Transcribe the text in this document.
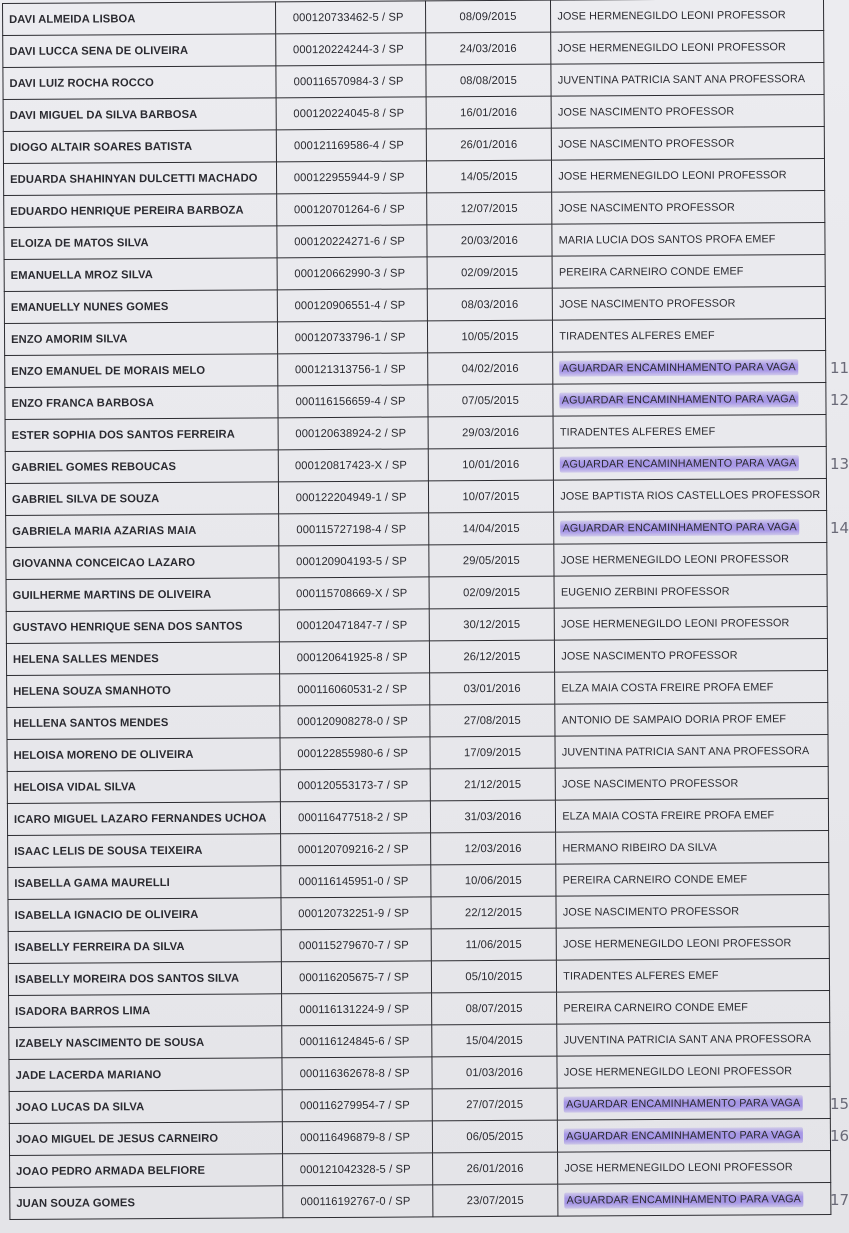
DAVI ALMEIDA LISBOA	000120733462-5 / SP	08/09/2015	JOSE HERMENEGILDO LEONI PROFESSOR
DAVI LUCCA SENA DE OLIVEIRA	000120224244-3 / SP	24/03/2016	JOSE HERMENEGILDO LEONI PROFESSOR
DAVI LUIZ ROCHA ROCCO	000116570984-3 / SP	08/08/2015	JUVENTINA PATRICIA SANT ANA PROFESSORA
DAVI MIGUEL DA SILVA BARBOSA	000120224045-8 / SP	16/01/2016	JOSE NASCIMENTO PROFESSOR
DIOGO ALTAIR SOARES BATISTA	000121169586-4 / SP	26/01/2016	JOSE NASCIMENTO PROFESSOR
EDUARDA SHAHINYAN DULCETTI MACHADO	000122955944-9 / SP	14/05/2015	JOSE HERMENEGILDO LEONI PROFESSOR
EDUARDO HENRIQUE PEREIRA BARBOZA	000120701264-6 / SP	12/07/2015	JOSE NASCIMENTO PROFESSOR
ELOIZA DE MATOS SILVA	000120224271-6 / SP	20/03/2016	MARIA LUCIA DOS SANTOS PROFA EMEF
EMANUELLA MROZ SILVA	000120662990-3 / SP	02/09/2015	PEREIRA CARNEIRO CONDE EMEF
EMANUELLY NUNES GOMES	000120906551-4 / SP	08/03/2016	JOSE NASCIMENTO PROFESSOR
ENZO AMORIM SILVA	000120733796-1 / SP	10/05/2015	TIRADENTES ALFERES EMEF
ENZO EMANUEL DE MORAIS MELO	000121313756-1 / SP	04/02/2016	AGUARDAR ENCAMINHAMENTO PARA VAGA
ENZO FRANCA BARBOSA	000116156659-4 / SP	07/05/2015	AGUARDAR ENCAMINHAMENTO PARA VAGA
ESTER SOPHIA DOS SANTOS FERREIRA	000120638924-2 / SP	29/03/2016	TIRADENTES ALFERES EMEF
GABRIEL GOMES REBOUCAS	000120817423-X / SP	10/01/2016	AGUARDAR ENCAMINHAMENTO PARA VAGA
GABRIEL SILVA DE SOUZA	000122204949-1 / SP	10/07/2015	JOSE BAPTISTA RIOS CASTELLOES PROFESSOR
GABRIELA MARIA AZARIAS MAIA	000115727198-4 / SP	14/04/2015	AGUARDAR ENCAMINHAMENTO PARA VAGA
GIOVANNA CONCEICAO LAZARO	000120904193-5 / SP	29/05/2015	JOSE HERMENEGILDO LEONI PROFESSOR
GUILHERME MARTINS DE OLIVEIRA	000115708669-X / SP	02/09/2015	EUGENIO ZERBINI PROFESSOR
GUSTAVO HENRIQUE SENA DOS SANTOS	000120471847-7 / SP	30/12/2015	JOSE HERMENEGILDO LEONI PROFESSOR
HELENA SALLES MENDES	000120641925-8 / SP	26/12/2015	JOSE NASCIMENTO PROFESSOR
HELENA SOUZA SMANHOTO	000116060531-2 / SP	03/01/2016	ELZA MAIA COSTA FREIRE PROFA EMEF
HELLENA SANTOS MENDES	000120908278-0 / SP	27/08/2015	ANTONIO DE SAMPAIO DORIA PROF EMEF
HELOISA MORENO DE OLIVEIRA	000122855980-6 / SP	17/09/2015	JUVENTINA PATRICIA SANT ANA PROFESSORA
HELOISA VIDAL SILVA	000120553173-7 / SP	21/12/2015	JOSE NASCIMENTO PROFESSOR
ICARO MIGUEL LAZARO FERNANDES UCHOA	000116477518-2 / SP	31/03/2016	ELZA MAIA COSTA FREIRE PROFA EMEF
ISAAC LELIS DE SOUSA TEIXEIRA	000120709216-2 / SP	12/03/2016	HERMANO RIBEIRO DA SILVA
ISABELLA GAMA MAURELLI	000116145951-0 / SP	10/06/2015	PEREIRA CARNEIRO CONDE EMEF
ISABELLA IGNACIO DE OLIVEIRA	000120732251-9 / SP	22/12/2015	JOSE NASCIMENTO PROFESSOR
ISABELLY FERREIRA DA SILVA	000115279670-7 / SP	11/06/2015	JOSE HERMENEGILDO LEONI PROFESSOR
ISABELLY MOREIRA DOS SANTOS SILVA	000116205675-7 / SP	05/10/2015	TIRADENTES ALFERES EMEF
ISADORA BARROS LIMA	000116131224-9 / SP	08/07/2015	PEREIRA CARNEIRO CONDE EMEF
IZABELY NASCIMENTO DE SOUSA	000116124845-6 / SP	15/04/2015	JUVENTINA PATRICIA SANT ANA PROFESSORA
JADE LACERDA MARIANO	000116362678-8 / SP	01/03/2016	JOSE HERMENEGILDO LEONI PROFESSOR
JOAO LUCAS DA SILVA	000116279954-7 / SP	27/07/2015	AGUARDAR ENCAMINHAMENTO PARA VAGA
JOAO MIGUEL DE JESUS CARNEIRO	000116496879-8 / SP	06/05/2015	AGUARDAR ENCAMINHAMENTO PARA VAGA
JOAO PEDRO ARMADA BELFIORE	000121042328-5 / SP	26/01/2016	JOSE HERMENEGILDO LEONI PROFESSOR
JUAN SOUZA GOMES	000116192767-0 / SP	23/07/2015	AGUARDAR ENCAMINHAMENTO PARA VAGA
11
12
13
14
15
16
17
